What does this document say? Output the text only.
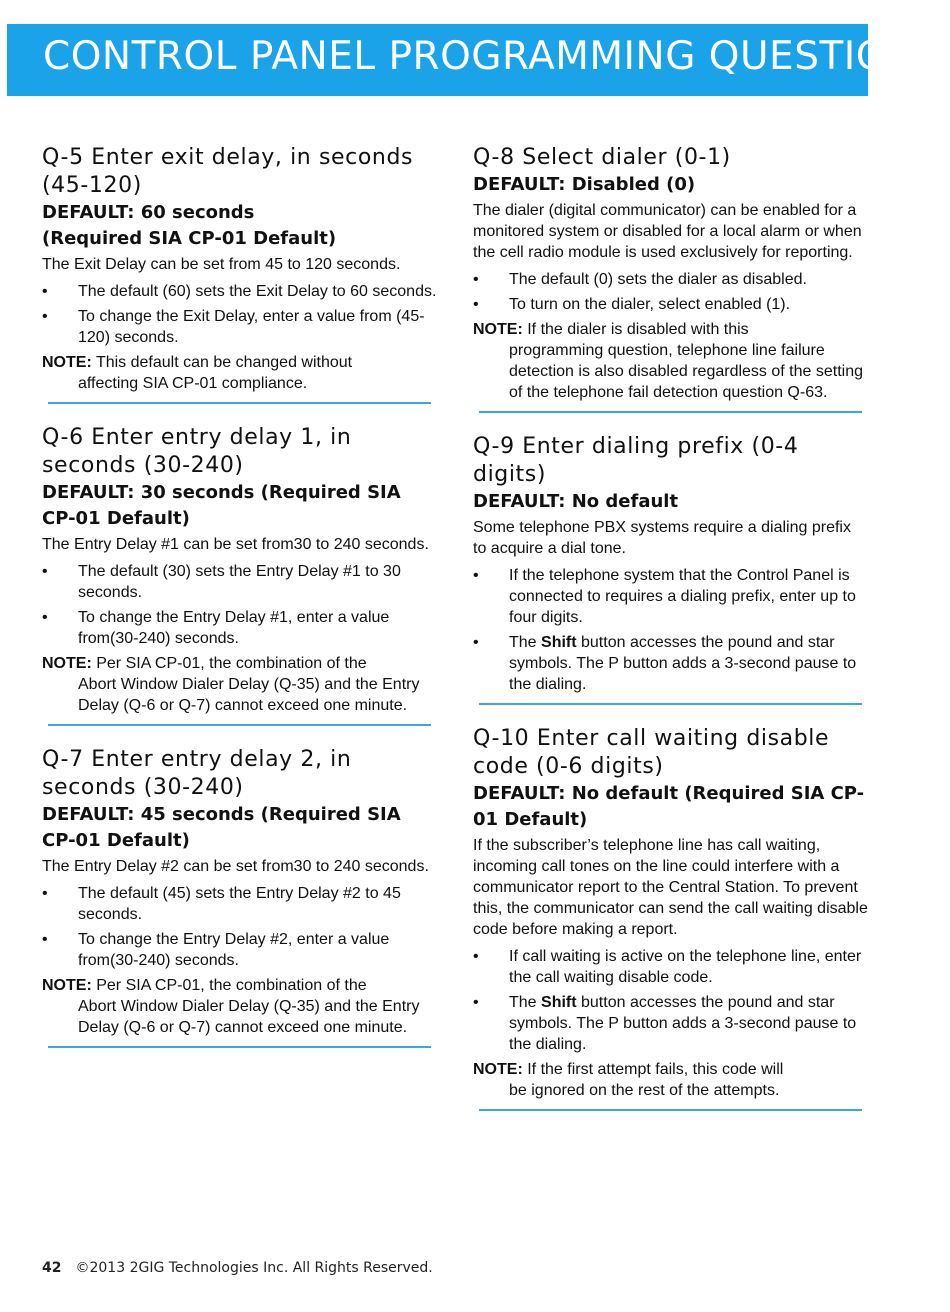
CONTROL PANEL PROGRAMMING QUESTIONS
Q-5 Enter exit delay, in seconds (45-120)
DEFAULT: 60 seconds
(Required SIA CP-01 Default)
The Exit Delay can be set from 45 to 120 seconds.
• The default (60) sets the Exit Delay to 60 seconds.
• To change the Exit Delay, enter a value from (45-120) seconds.
NOTE: This default can be changed without
affecting SIA CP-01 compliance.
Q-6 Enter entry delay 1, in seconds (30-240)
DEFAULT: 30 seconds (Required SIA CP-01 Default)
The Entry Delay #1 can be set from30 to 240 seconds.
• The default (30) sets the Entry Delay #1 to 30 seconds.
• To change the Entry Delay #1, enter a value from(30-240) seconds.
NOTE: Per SIA CP-01, the combination of the
Abort Window Dialer Delay (Q-35) and the Entry Delay (Q-6 or Q-7) cannot exceed one minute.
Q-7 Enter entry delay 2, in seconds (30-240)
DEFAULT: 45 seconds (Required SIA CP-01 Default)
The Entry Delay #2 can be set from30 to 240 seconds.
• The default (45) sets the Entry Delay #2 to 45 seconds.
• To change the Entry Delay #2, enter a value from(30-240) seconds.
NOTE: Per SIA CP-01, the combination of the
Abort Window Dialer Delay (Q-35) and the Entry Delay (Q-6 or Q-7) cannot exceed one minute.
Q-8 Select dialer (0-1)
DEFAULT: Disabled (0)
The dialer (digital communicator) can be enabled for a monitored system or disabled for a local alarm or when the cell radio module is used exclusively for reporting.
• The default (0) sets the dialer as disabled.
• To turn on the dialer, select enabled (1).
NOTE: If the dialer is disabled with this
programming question, telephone line failure detection is also disabled regardless of the setting of the telephone fail detection question Q-63.
Q-9 Enter dialing prefix (0-4 digits)
DEFAULT: No default
Some telephone PBX systems require a dialing prefix to acquire a dial tone.
• If the telephone system that the Control Panel is connected to requires a dialing prefix, enter up to four digits.
• The Shift button accesses the pound and star symbols. The P button adds a 3-second pause to the dialing.
Q-10 Enter call waiting disable code (0-6 digits)
DEFAULT: No default (Required SIA CP-01 Default)
If the subscriber’s telephone line has call waiting, incoming call tones on the line could interfere with a communicator report to the Central Station. To prevent this, the communicator can send the call waiting disable code before making a report.
• If call waiting is active on the telephone line, enter the call waiting disable code.
• The Shift button accesses the pound and star symbols. The P button adds a 3-second pause to the dialing.
NOTE: If the first attempt fails, this code will
be ignored on the rest of the attempts.
42 ©2013 2GIG Technologies Inc. All Rights Reserved.
